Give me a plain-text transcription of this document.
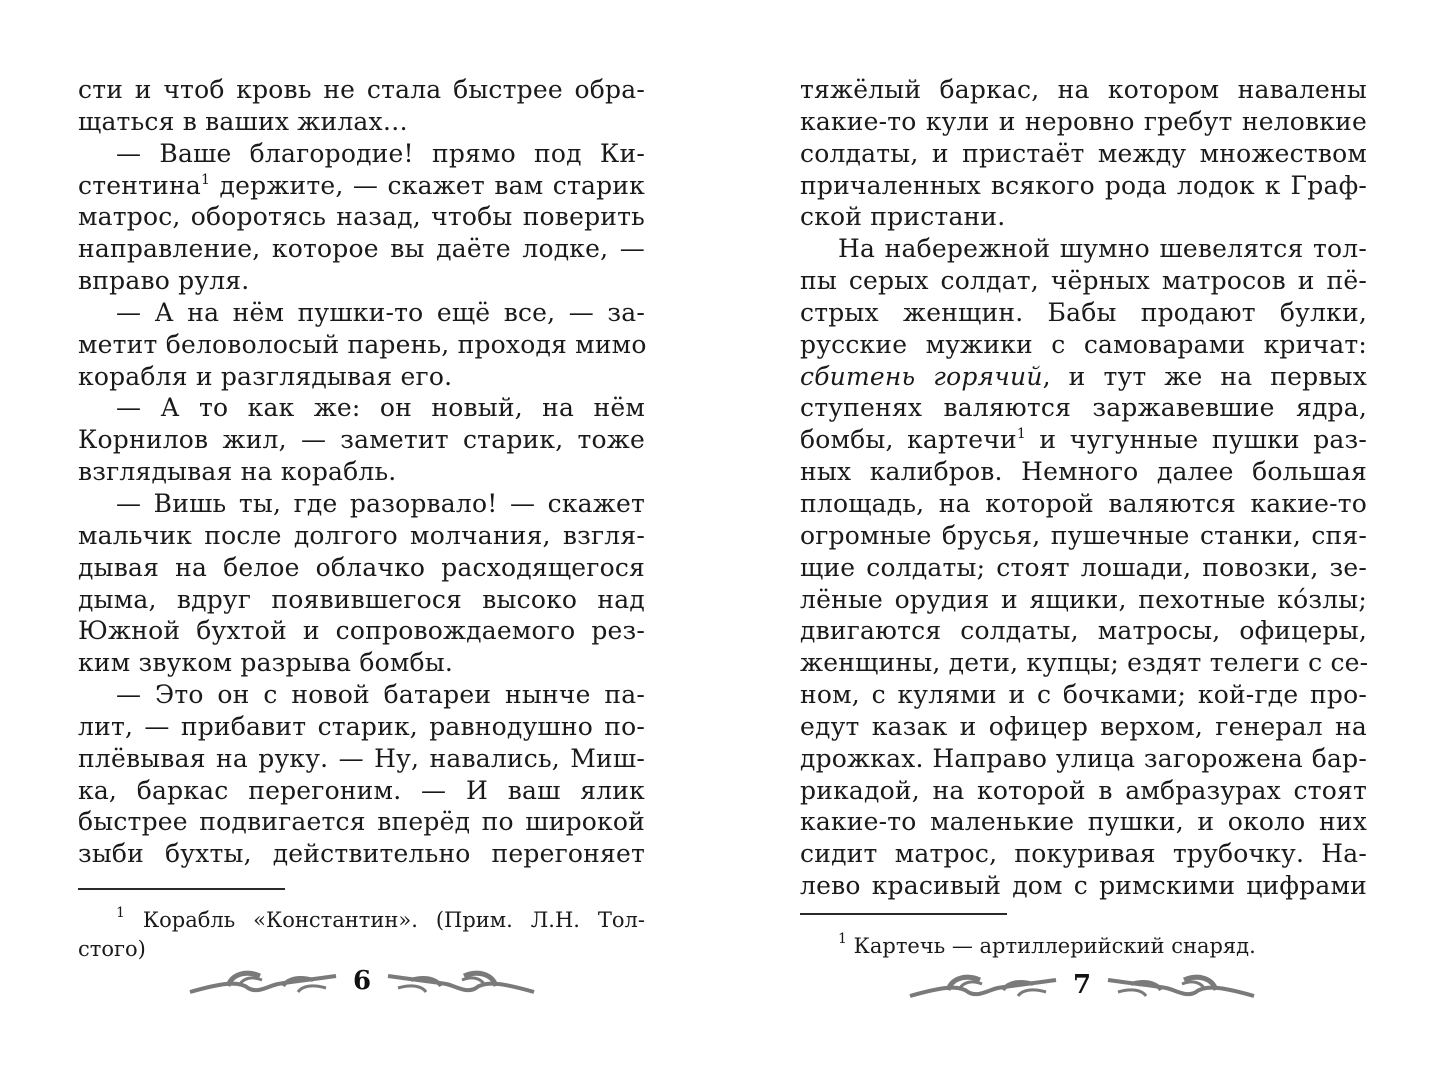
сти и чтоб кровь не стала быстрее обра-
щаться в ваших жилах…
— Ваше благородие! прямо под Ки-
стентина$^1$ держите, — скажет вам старик
матрос, оборотясь назад, чтобы поверить
направление, которое вы даёте лодке, —
вправо руля.
— А на нём пушки-то ещё все, — за-
метит беловолосый парень, проходя мимо
корабля и разглядывая его.
— А то как же: он новый, на нём
Корнилов жил, — заметит старик, тоже
взглядывая на корабль.
— Вишь ты, где разорвало! — скажет
мальчик после долгого молчания, взгля-
дывая на белое облачко расходящегося
дыма, вдруг появившегося высоко над
Южной бухтой и сопровождаемого рез-
ким звуком разрыва бомбы.
— Это он с новой батареи нынче па-
лит, — прибавит старик, равнодушно по-
плёвывая на руку. — Ну, навались, Миш-
ка, баркас перегоним. — И ваш ялик
быстрее подвигается вперёд по широкой
зыби бухты, действительно перегоняет
$^1$ Корабль «Константин». (Прим. Л.Н. Тол-
стого)
6
тяжёлый баркас, на котором навалены
какие-то кули и неровно гребут неловкие
солдаты, и пристаёт между множеством
причаленных всякого рода лодок к Граф-
ской пристани.
На набережной шумно шевелятся тол-
пы серых солдат, чёрных матросов и пё-
стрых женщин. Бабы продают булки,
русские мужики с самоварами кричат:
сбитень горячий, и тут же на первых
ступенях валяются заржавевшие ядра,
бомбы, картечи$^1$ и чугунные пушки раз-
ных калибров. Немного далее большая
площадь, на которой валяются какие-то
огромные брусья, пушечные станки, спя-
щие солдаты; стоят лошади, повозки, зе-
лёные орудия и ящики, пехотные ко́злы;
двигаются солдаты, матросы, офицеры,
женщины, дети, купцы; ездят телеги с се-
ном, с кулями и с бочками; кой-где про-
едут казак и офицер верхом, генерал на
дрожках. Направо улица загорожена бар-
рикадой, на которой в амбразурах стоят
какие-то маленькие пушки, и около них
сидит матрос, покуривая трубочку. На-
лево красивый дом с римскими цифрами
$^1$ Картечь — артиллерийский снаряд.
7
